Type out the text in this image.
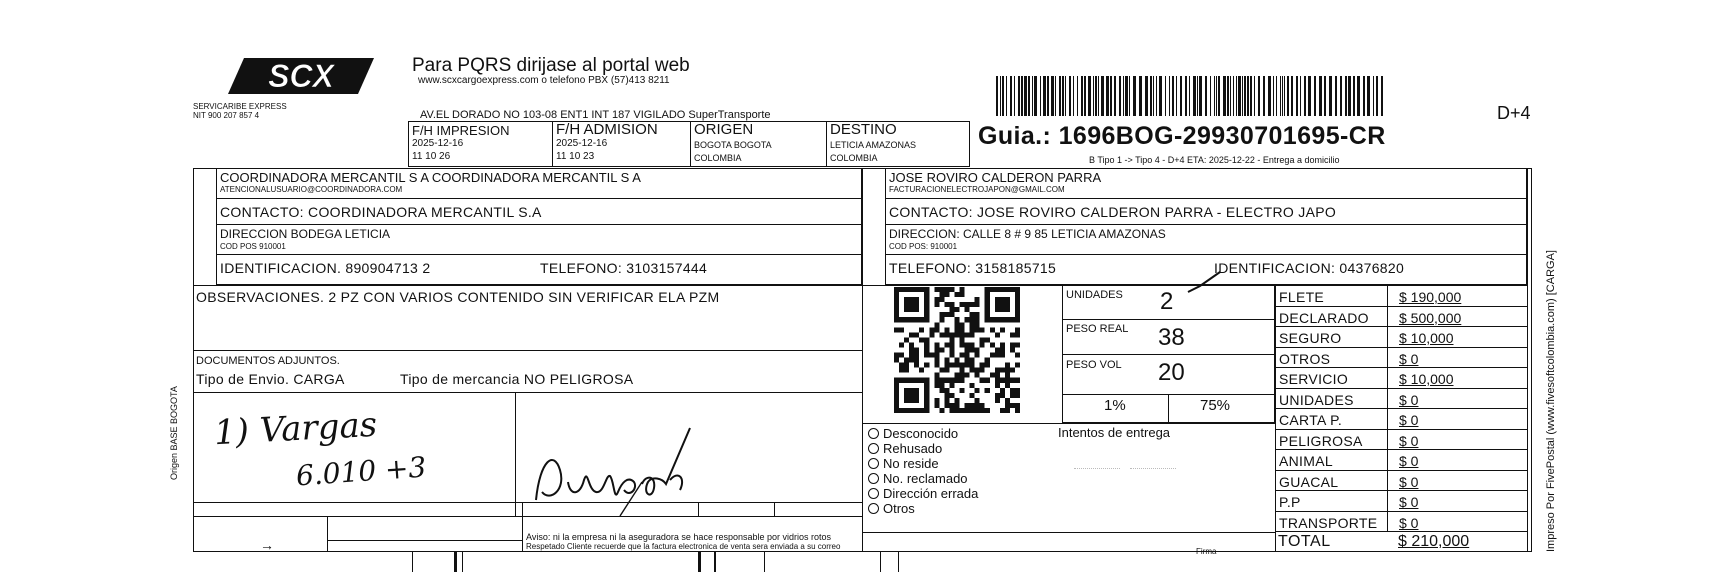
SCX
SERVICARIBE EXPRESS
NIT 900 207 857 4
Para PQRS dirijase al portal web
www.scxcargoexpress.com o telefono PBX (57)413 8211
AV.EL DORADO NO 103-08 ENT1 INT 187 VIGILADO SuperTransporte	D+4
Guia.: 1696BOG-29930701695-CR
B Tipo 1 -> Tipo 4 - D+4 ETA: 2025-12-22 - Entrega a domicilio
F/H IMPRESION
2025-12-16
11 10 26
F/H ADMISION
2025-12-16
11 10 23
ORIGEN
BOGOTA BOGOTA
COLOMBIA
DESTINO
LETICIA AMAZONAS
COLOMBIA
COORDINADORA MERCANTIL S A COORDINADORA MERCANTIL S A
ATENCIONALUSUARIO@COORDINADORA.COM
CONTACTO: COORDINADORA MERCANTIL S.A
DIRECCION BODEGA LETICIA
COD POS 910001
IDENTIFICACION. 890904713 2	TELEFONO: 3103157444
JOSE ROVIRO CALDERON PARRA
FACTURACIONELECTROJAPON@GMAIL.COM
CONTACTO: JOSE ROVIRO CALDERON PARRA - ELECTRO JAPO
DIRECCION: CALLE 8 # 9 85 LETICIA AMAZONAS
COD POS: 910001
TELEFONO: 3158185715	IDENTIFICACION: 04376820
OBSERVACIONES. 2 PZ CON VARIOS CONTENIDO SIN VERIFICAR ELA PZM
DOCUMENTOS ADJUNTOS.
Tipo de Envio. CARGA	Tipo de mercancia NO PELIGROSA
Origen BASE BOGOTA 1) Vargas
6.010 +3
Aviso: ni la empresa ni la aseguradora se hace responsable por vidrios rotos
Respetado Cliente recuerde que la factura electronica de venta sera enviada a su correo
Firma
→
UNIDADES 2
PESO REAL 38
PESO VOL 20
1%	75%
Desconocido
Rehusado
No reside
No. reclamado
Dirección errada
Otros
Intentos de entrega
FLETE	$ 190,000
DECLARADO $ 500,000
SEGURO	$ 10,000
OTROS	$ 0
SERVICIO	$ 10,000
UNIDADES	$ 0
CARTA P.	$ 0
PELIGROSA	$ 0
ANIMAL	$ 0
GUACAL	$ 0
P.P	$ 0
TRANSPORTE $ 0
TOTAL	$ 210,000	Impreso Por FivePostal (www.fivesoftcolombia.com) [CARGA]
